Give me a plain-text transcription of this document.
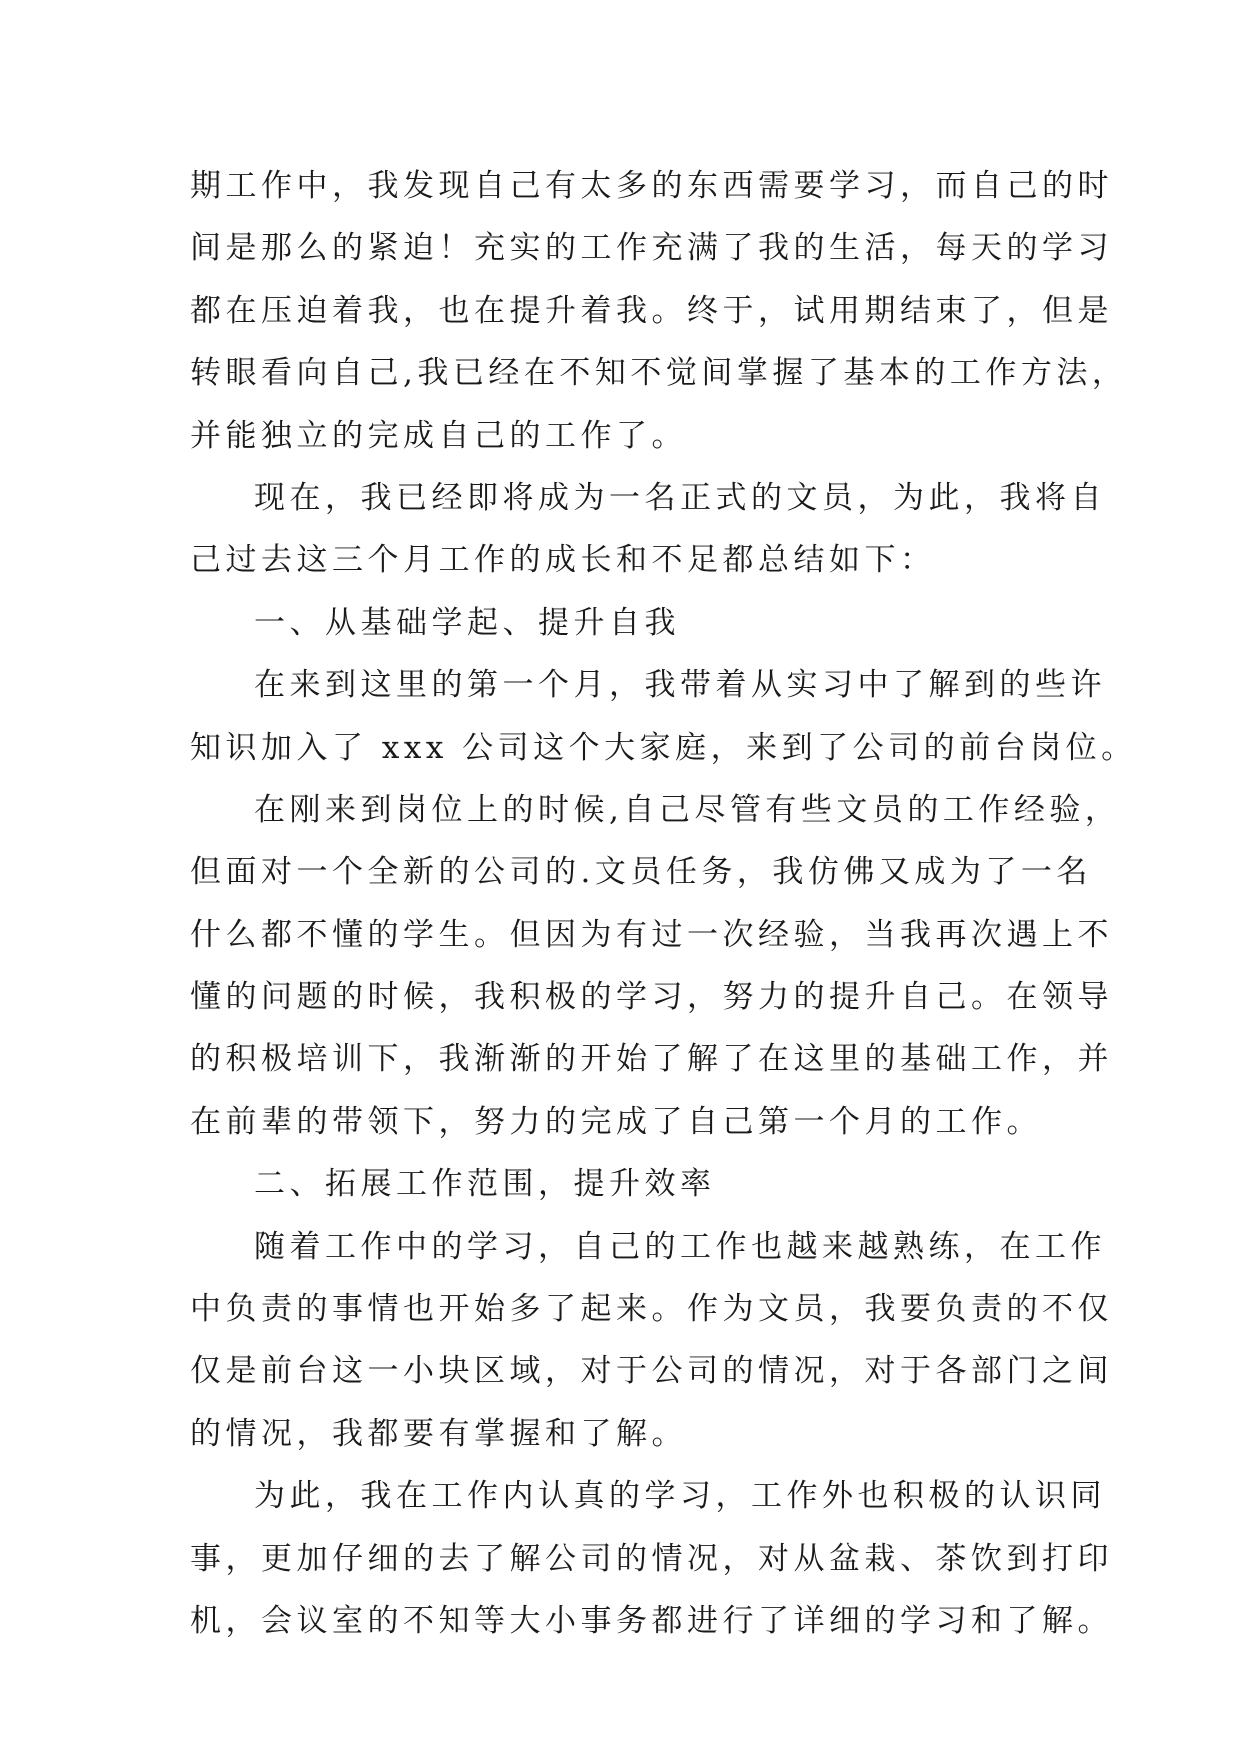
期工作中，我发现自己有太多的东西需要学习，而自己的时
间是那么的紧迫！充实的工作充满了我的生活，每天的学习
都在压迫着我，也在提升着我。终于，试用期结束了，但是
转眼看向自己,我已经在不知不觉间掌握了基本的工作方法，
并能独立的完成自己的工作了。
现在，我已经即将成为一名正式的文员，为此，我将自
己过去这三个月工作的成长和不足都总结如下：
一、从基础学起、提升自我
在来到这里的第一个月，我带着从实习中了解到的些许
知识加入了 xxx 公司这个大家庭，来到了公司的前台岗位。
在刚来到岗位上的时候,自己尽管有些文员的工作经验，
但面对一个全新的公司的.文员任务，我仿佛又成为了一名
什么都不懂的学生。但因为有过一次经验，当我再次遇上不
懂的问题的时候，我积极的学习，努力的提升自己。在领导
的积极培训下，我渐渐的开始了解了在这里的基础工作，并
在前辈的带领下，努力的完成了自己第一个月的工作。
二、拓展工作范围，提升效率
随着工作中的学习，自己的工作也越来越熟练，在工作
中负责的事情也开始多了起来。作为文员，我要负责的不仅
仅是前台这一小块区域，对于公司的情况，对于各部门之间
的情况，我都要有掌握和了解。
为此，我在工作内认真的学习，工作外也积极的认识同
事，更加仔细的去了解公司的情况，对从盆栽、茶饮到打印
机，会议室的不知等大小事务都进行了详细的学习和了解。
